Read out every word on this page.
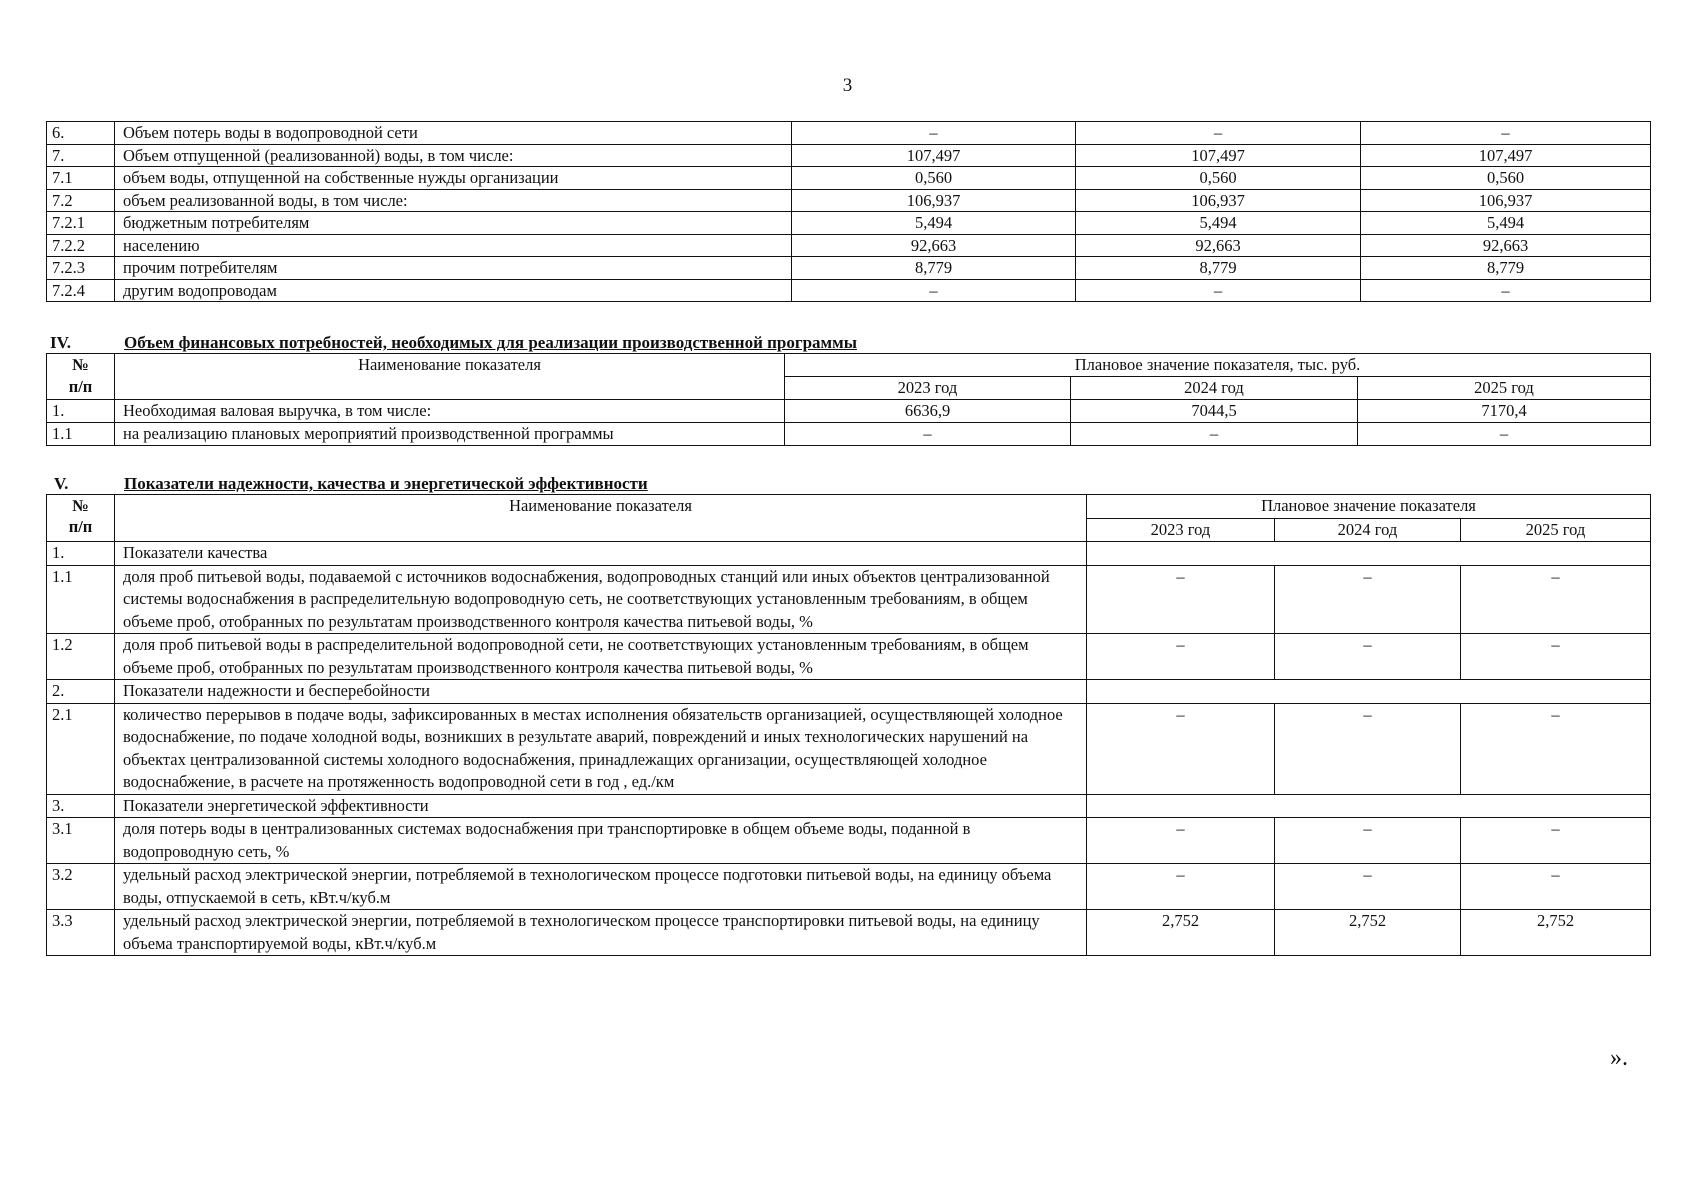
3
6.	Объем потерь воды в водопроводной сети	–	–	–
7.	Объем отпущенной (реализованной) воды, в том числе:	107,497	107,497	107,497
7.1	объем воды, отпущенной на собственные нужды организации	0,560	0,560	0,560
7.2	объем реализованной воды, в том числе:	106,937	106,937	106,937
7.2.1	бюджетным потребителям	5,494	5,494	5,494
7.2.2	населению	92,663	92,663	92,663
7.2.3	прочим потребителям	8,779	8,779	8,779
7.2.4	другим водопроводам	–	–	–
IV.	Объем финансовых потребностей, необходимых для реализации производственной программы
№
п/п	Наименование показателя	Плановое значение показателя, тыс. руб.		
		2023 год	2024 год	2025 год
1.	Необходимая валовая выручка, в том числе:	6636,9	7044,5	7170,4
1.1	на реализацию плановых мероприятий производственной программы	–	–	–
V.	Показатели надежности, качества и энергетической эффективности
№
п/п	Наименование показателя	Плановое значение показателя		
		2023 год	2024 год	2025 год
1.	Показатели качества			
1.1	доля проб питьевой воды, подаваемой с источников водоснабжения, водопроводных станций или иных объектов централизованной системы водоснабжения в распределительную водопроводную сеть, не соответствующих установленным требованиям, в общем объеме проб, отобранных по результатам производственного контроля качества питьевой воды, %	–	–	–
1.2	доля проб питьевой воды в распределительной водопроводной сети, не соответствующих установленным требованиям, в общем объеме проб, отобранных по результатам производственного контроля качества питьевой воды, %	–	–	–
2.	Показатели надежности и бесперебойности			
2.1	количество перерывов в подаче воды, зафиксированных в местах исполнения обязательств организацией, осуществляющей холодное водоснабжение, по подаче холодной воды, возникших в результате аварий, повреждений и иных технологических нарушений на объектах централизованной системы холодного водоснабжения, принадлежащих организации, осуществляющей холодное водоснабжение, в расчете на протяженность водопроводной сети в год , ед./км	–	–	–
3.	Показатели энергетической эффективности			
3.1	доля потерь воды в централизованных системах водоснабжения при транспортировке в общем объеме воды, поданной в водопроводную сеть, %	–	–	–
3.2	удельный расход электрической энергии, потребляемой в технологическом процессе подготовки питьевой воды, на единицу объема воды, отпускаемой в сеть, кВт.ч/куб.м	–	–	–
3.3	удельный расход электрической энергии, потребляемой в технологическом процессе транспортировки питьевой воды, на единицу объема транспортируемой воды, кВт.ч/куб.м	2,752	2,752	2,752
».
